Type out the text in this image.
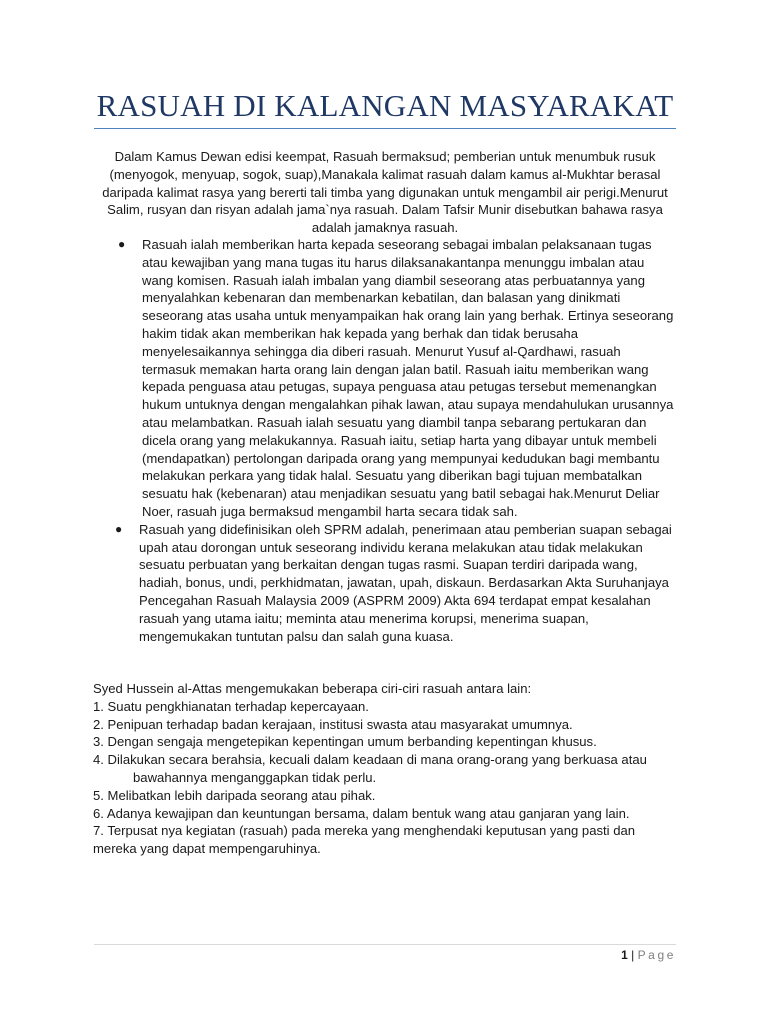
RASUAH DI KALANGAN MASYARAKAT
Dalam Kamus Dewan edisi keempat, Rasuah bermaksud; pemberian untuk menumbuk rusuk (menyogok, menyuap, sogok, suap),Manakala kalimat rasuah dalam kamus al-Mukhtar berasal daripada kalimat rasya yang bererti tali timba yang digunakan untuk mengambil air perigi.Menurut Salim, rusyan dan risyan adalah jama`nya rasuah. Dalam Tafsir Munir disebutkan bahawa rasya adalah jamaknya rasuah.
● Rasuah ialah memberikan harta kepada seseorang sebagai imbalan pelaksanaan tugas atau kewajiban yang mana tugas itu harus dilaksanakantanpa menunggu imbalan atau wang komisen. Rasuah ialah imbalan yang diambil seseorang atas perbuatannya yang menyalahkan kebenaran dan membenarkan kebatilan, dan balasan yang dinikmati seseorang atas usaha untuk menyampaikan hak orang lain yang berhak. Ertinya seseorang hakim tidak akan memberikan hak kepada yang berhak dan tidak berusaha menyelesaikannya sehingga dia diberi rasuah. Menurut Yusuf al-Qardhawi, rasuah termasuk memakan harta orang lain dengan jalan batil. Rasuah iaitu memberikan wang kepada penguasa atau petugas, supaya penguasa atau petugas tersebut memenangkan hukum untuknya dengan mengalahkan pihak lawan, atau supaya mendahulukan urusannya atau melambatkan. Rasuah ialah sesuatu yang diambil tanpa sebarang pertukaran dan dicela orang yang melakukannya. Rasuah iaitu, setiap harta yang dibayar untuk membeli (mendapatkan) pertolongan daripada orang yang mempunyai kedudukan bagi membantu melakukan perkara yang tidak halal. Sesuatu yang diberikan bagi tujuan membatalkan sesuatu hak (kebenaran) atau menjadikan sesuatu yang batil sebagai hak.Menurut Deliar Noer, rasuah juga bermaksud mengambil harta secara tidak sah.
● Rasuah yang didefinisikan oleh SPRM adalah, penerimaan atau pemberian suapan sebagai upah atau dorongan untuk seseorang individu kerana melakukan atau tidak melakukan sesuatu perbuatan yang berkaitan dengan tugas rasmi. Suapan terdiri daripada wang, hadiah, bonus, undi, perkhidmatan, jawatan, upah, diskaun. Berdasarkan Akta Suruhanjaya Pencegahan Rasuah Malaysia 2009 (ASPRM 2009) Akta 694 terdapat empat kesalahan rasuah yang utama iaitu; meminta atau menerima korupsi, menerima suapan, mengemukakan tuntutan palsu dan salah guna kuasa.

Syed Hussein al-Attas mengemukakan beberapa ciri-ciri rasuah antara lain:

1. Suatu pengkhianatan terhadap kepercayaan.

2. Penipuan terhadap badan kerajaan, institusi swasta atau masyarakat umumnya.

3. Dengan sengaja mengetepikan kepentingan umum berbanding kepentingan khusus.

4. Dilakukan secara berahsia, kecuali dalam keadaan di mana orang-orang yang berkuasa atau            bawahannya menganggapkan tidak perlu.

5. Melibatkan lebih daripada seorang atau pihak.

6. Adanya kewajipan dan keuntungan bersama, dalam bentuk wang atau ganjaran yang lain.

7. Terpusat nya kegiatan (rasuah) pada mereka yang menghendaki keputusan yang pasti dan mereka yang dapat mempengaruhinya.

1 | Page
